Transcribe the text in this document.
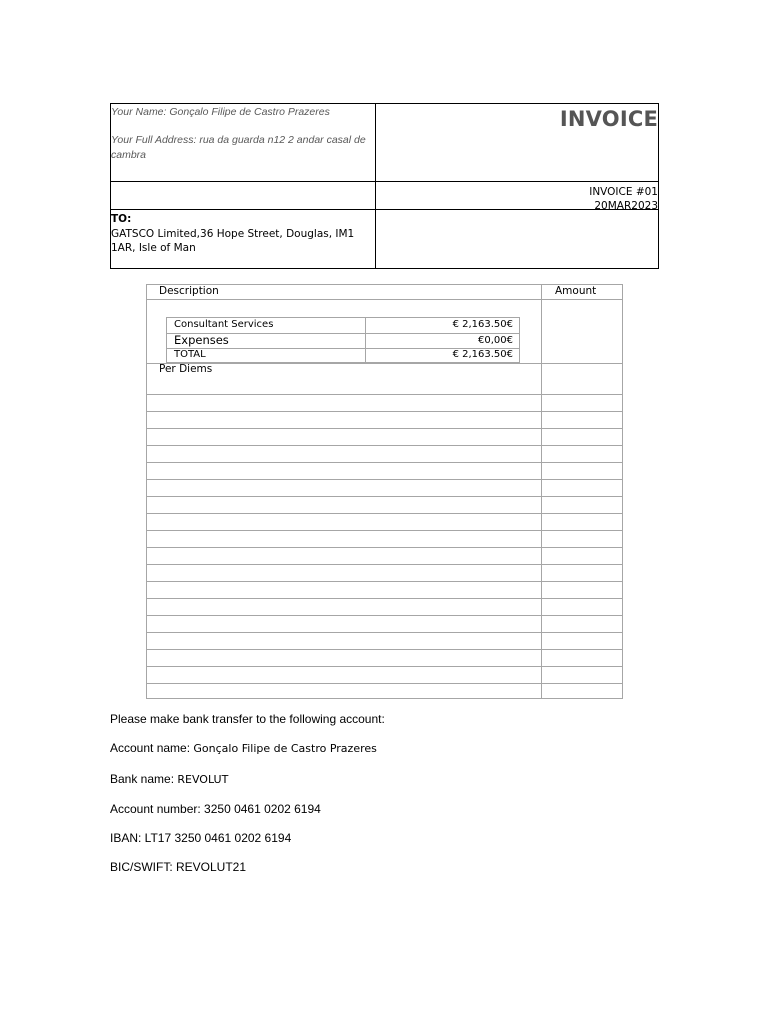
Your Name: Gonçalo Filipe de Castro Prazeres
Your Full Address: rua da guarda n12 2 andar casal de cambra
INVOICE
INVOICE #01
20MAR2023
TO:
GATSCO Limited,36 Hope Street, Douglas, IM1 1AR, Isle of Man
Description	Amount
Consultant Services	€ 2,163.50€
Expenses	€0,00€
TOTAL	€ 2,163.50€
Per Diems
Please make bank transfer to the following account:
Account name: Gonçalo Filipe de Castro Prazeres
Bank name: REVOLUT
Account number: 3250 0461 0202 6194
IBAN: LT17 3250 0461 0202 6194
BIC/SWIFT: REVOLUT21
